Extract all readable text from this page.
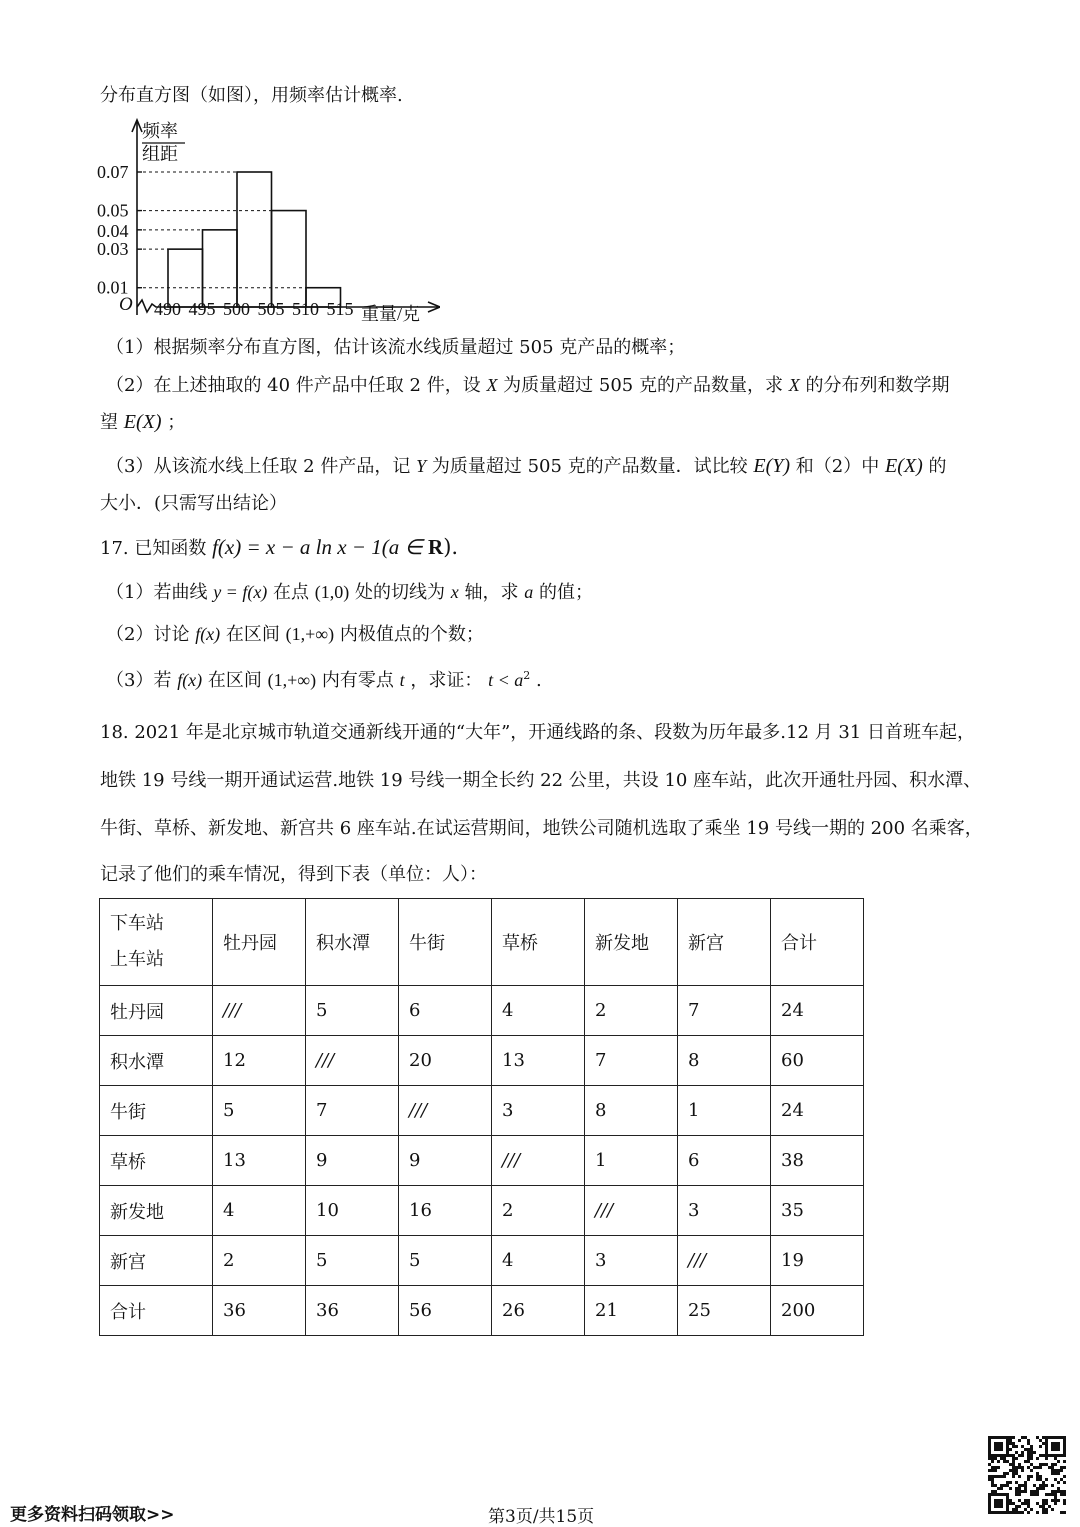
分布直方图（如图），用频率估计概率.
频率
组距
O	重量/克
0.01
0.03
0.04
0.05
0.07
490 495 500 505 510 515
（1）根据频率分布直方图，估计该流水线质量超过 505 克产品的概率；
（2）在上述抽取的 40 件产品中任取 2 件，设 X 为质量超过 505 克的产品数量，求 X 的分布列和数学期
望 E(X) ；
（3）从该流水线上任取 2 件产品，记 Y 为质量超过 505 克的产品数量．试比较 E(Y) 和（2）中 E(X) 的
大小．(只需写出结论）
17. 已知函数 f(x) = x − a ln x − 1(a ∈ R).
（1）若曲线 y = f(x) 在点 (1,0) 处的切线为 x 轴，求 a 的值；
（2）讨论 f(x) 在区间 (1,+∞) 内极值点的个数；
（3）若 f(x) 在区间 (1,+∞) 内有零点 t ，求证： $t < a^2$ .
18. 2021 年是北京城市轨道交通新线开通的“大年”，开通线路的条、段数为历年最多.12 月 31 日首班车起，
地铁 19 号线一期开通试运营.地铁 19 号线一期全长约 22 公里，共设 10 座车站，此次开通牡丹园、积水潭、
牛街、草桥、新发地、新宫共 6 座车站.在试运营期间，地铁公司随机选取了乘坐 19 号线一期的 200 名乘客，
记录了他们的乘车情况，得到下表（单位：人）：
下车站
上车站	牡丹园	积水潭	牛街	草桥	新发地	新宫	合计
牡丹园	///	5	6	4	2	7	24
积水潭	12	///	20	13	7	8	60
牛街	5	7	///	3	8	1	24
草桥	13	9	9	///	1	6	38
新发地	4	10	16	2	///	3	35
新宫	2	5	5	4	3	///	19
合计	36	36	56	26	21	25	200
更多资料扫码领取>>	第3页/共15页
